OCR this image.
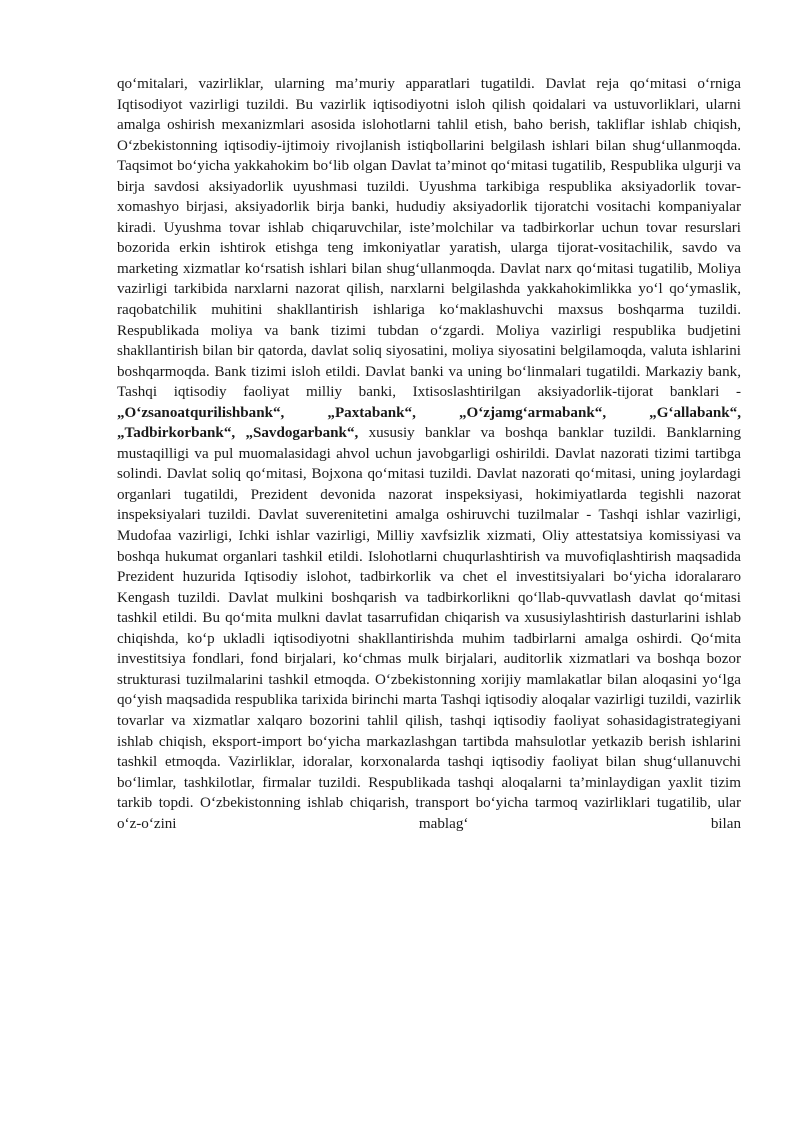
qo‘mitalari, vazirliklar, ularning ma’muriy apparatlari tugatildi. Davlat reja qo‘mitasi o‘rniga Iqtisodiyot vazirligi tuzildi. Bu vazirlik iqtisodiyotni isloh qilish qoidalari va ustuvorliklari, ularni amalga oshirish mexanizmlari asosida islohotlarni tahlil etish, baho berish, takliflar ishlab chiqish, O‘zbekistonning iqtisodiy-ijtimoiy rivojlanish istiqbollarini belgilash ishlari bilan shug‘ullanmoqda. Taqsimot bo‘yicha yakkahokim bo‘lib olgan Davlat ta’minot qo‘mitasi tugatilib, Respublika ulgurji va birja savdosi aksiyadorlik uyushmasi tuzildi. Uyushma tarkibiga respublika aksiyadorlik tovar-xomashyo birjasi, aksiyadorlik birja banki, hududiy aksiyadorlik tijoratchi vositachi kompaniyalar kiradi. Uyushma tovar ishlab chiqaruvchilar, iste’molchilar va tadbirkorlar uchun tovar resurslari bozorida erkin ishtirok etishga teng imkoniyatlar yaratish, ularga tijorat-vositachilik, savdo va marketing xizmatlar ko‘rsatish ishlari bilan shug‘ullanmoqda. Davlat narx qo‘mitasi tugatilib, Moliya vazirligi tarkibida narxlarni nazorat qilish, narxlarni belgilashda yakkahokimlikka yo‘l qo‘ymaslik, raqobatchilik muhitini shakllantirish ishlariga ko‘maklashuvchi maxsus boshqarma tuzildi. Respublikada moliya va bank tizimi tubdan o‘zgardi. Moliya vazirligi respublika budjetini shakllantirish bilan bir qatorda, davlat soliq siyosatini, moliya siyosatini belgilamoqda, valuta ishlarini boshqarmoqda. Bank tizimi isloh etildi. Davlat banki va uning bo‘linmalari tugatildi. Markaziy bank, Tashqi iqtisodiy faoliyat milliy banki, Ixtisoslashtirilgan aksiyadorlik-tijorat banklari - „O‘zsanoatqurilishbank“, „Paxtabank“, „O‘zjamg‘armabank“, „G‘allabank“, „Tadbirkorbank“, „Savdogarbank“, xususiy banklar va boshqa banklar tuzildi. Banklarning mustaqilligi va pul muomalasidagi ahvol uchun javobgarligi oshirildi. Davlat nazorati tizimi tartibga solindi. Davlat soliq qo‘mitasi, Bojxona qo‘mitasi tuzildi. Davlat nazorati qo‘mitasi, uning joylardagi organlari tugatildi, Prezident devonida nazorat inspeksiyasi, hokimiyatlarda tegishli nazorat inspeksiyalari tuzildi. Davlat suverenitetini amalga oshiruvchi tuzilmalar - Tashqi ishlar vazirligi, Mudofaa vazirligi, Ichki ishlar vazirligi, Milliy xavfsizlik xizmati, Oliy attestatsiya komissiyasi va boshqa hukumat organlari tashkil etildi. Islohotlarni chuqurlashtirish va muvofiqlashtirish maqsadida Prezident huzurida Iqtisodiy islohot, tadbirkorlik va chet el investitsiyalari bo‘yicha idoralararo Kengash tuzildi. Davlat mulkini boshqarish va tadbirkorlikni qo‘llab-quvvatlash davlat qo‘mitasi tashkil etildi. Bu qo‘mita mulkni davlat tasarrufidan chiqarish va xususiylashtirish dasturlarini ishlab chiqishda, ko‘p ukladli iqtisodiyotni shakllantirishda muhim tadbirlarni amalga oshirdi. Qo‘mita investitsiya fondlari, fond birjalari, ko‘chmas mulk birjalari, auditorlik xizmatlari va boshqa bozor strukturasi tuzilmalarini tashkil etmoqda. O‘zbekistonning xorijiy mamlakatlar bilan aloqasini yo‘lga qo‘yish maqsadida respublika tarixida birinchi marta Tashqi iqtisodiy aloqalar vazirligi tuzildi, vazirlik tovarlar va xizmatlar xalqaro bozorini tahlil qilish, tashqi iqtisodiy faoliyat sohasidagistrategiyani ishlab chiqish, eksport-import bo‘yicha markazlashgan tartibda mahsulotlar yetkazib berish ishlarini tashkil etmoqda. Vazirliklar, idoralar, korxonalarda tashqi iqtisodiy faoliyat bilan shug‘ullanuvchi bo‘limlar, tashkilotlar, firmalar tuzildi. Respublikada tashqi aloqalarni ta’minlaydigan yaxlit tizim tarkib topdi. O‘zbekistonning ishlab chiqarish, transport bo‘yicha tarmoq vazirliklari tugatilib, ular o‘z-o‘zini mablag‘ bilan
